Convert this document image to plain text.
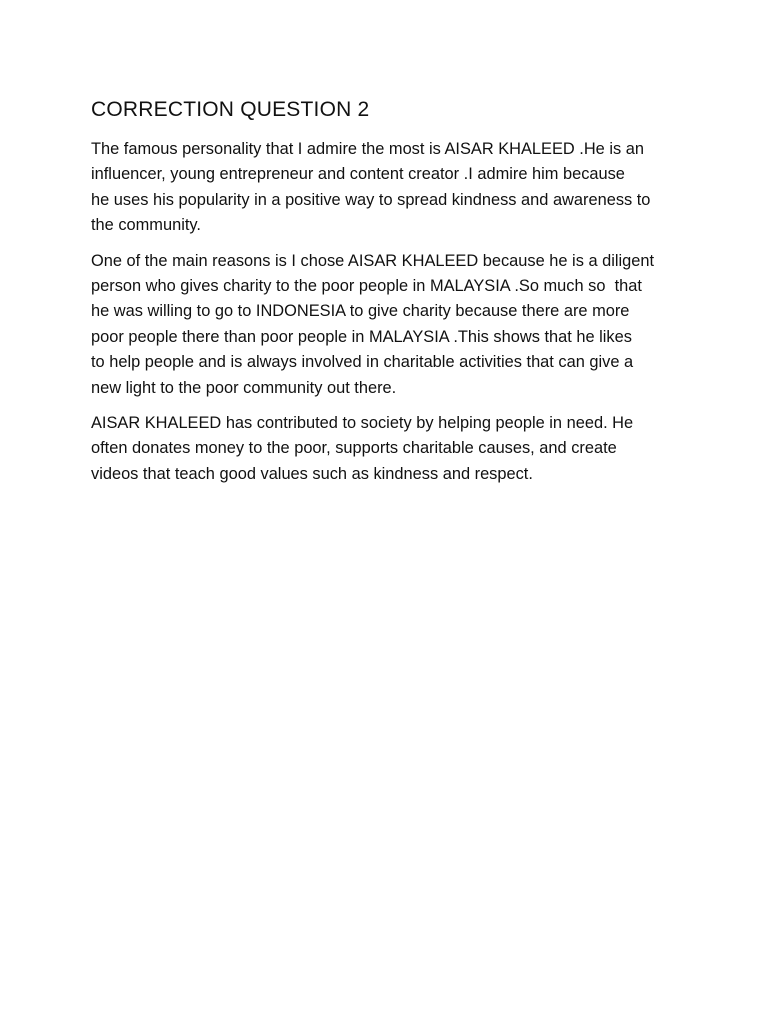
CORRECTION QUESTION 2

The famous personality that I admire the most is AISAR KHALEED .He is an
influencer, young entrepreneur and content creator .I admire him because
he uses his popularity in a positive way to spread kindness and awareness to
the community.

One of the main reasons is I chose AISAR KHALEED because he is a diligent
person who gives charity to the poor people in MALAYSIA .So much so  that
he was willing to go to INDONESIA to give charity because there are more
poor people there than poor people in MALAYSIA .This shows that he likes
to help people and is always involved in charitable activities that can give a
new light to the poor community out there.

AISAR KHALEED has contributed to society by helping people in need. He
often donates money to the poor, supports charitable causes, and create
videos that teach good values such as kindness and respect.
